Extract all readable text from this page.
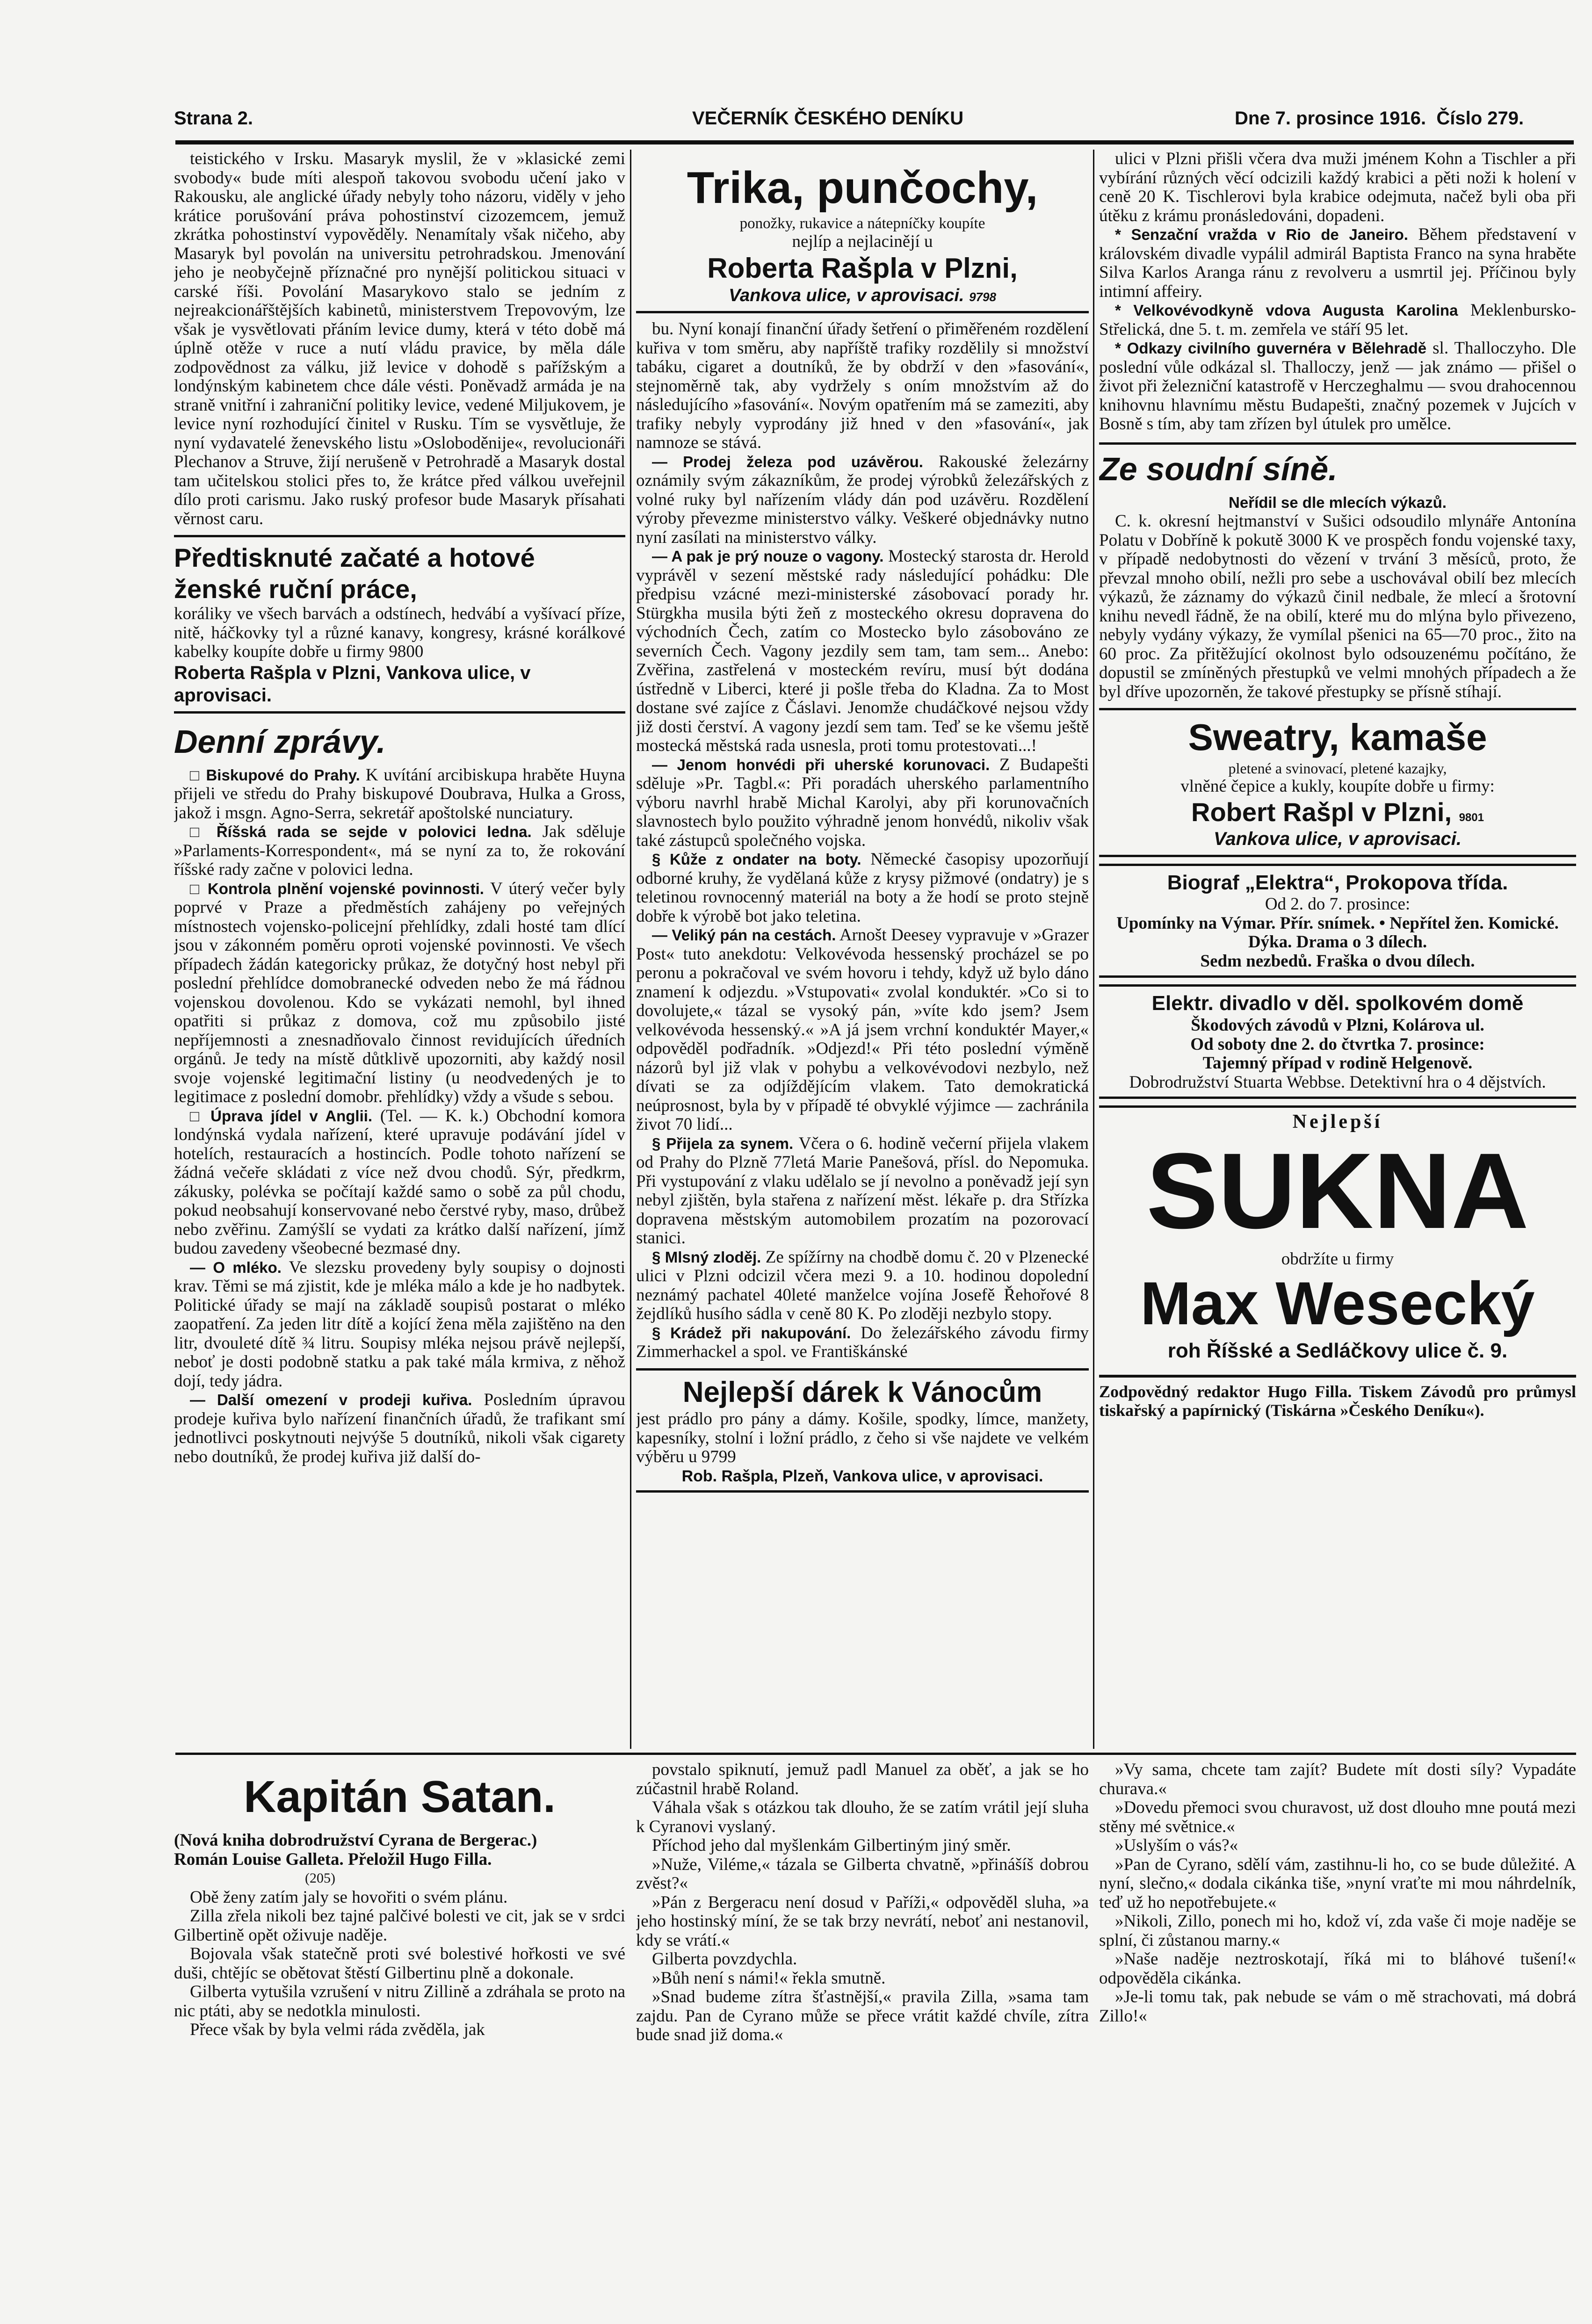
Strana 2.	VEČERNÍK ČESKÉHO DENÍKU	Dne 7. prosince 1916. Číslo 279.

teistického v Irsku. Masaryk myslil, že v »klasické zemi svobody« bude míti alespoň takovou svobodu učení jako v Rakousku, ale anglické úřady nebyly toho názoru, viděly v jeho krátice porušování práva pohostinství cizozemcem, jemuž zkrátka pohostinství vypověděly. Nenamítaly však ničeho, aby Masaryk byl povolán na universitu petrohradskou. Jmenování jeho je neobyčejně příznačné pro nynější politickou situaci v carské říši. Povolání Masarykovo stalo se jedním z nejreakcionářštějších kabinetů, ministerstvem Trepovovým, lze však je vysvětlovati přáním levice dumy, která v této době má úplně otěže v ruce a nutí vládu pravice, by měla dále zodpovědnost za válku, již levice v dohodě s pařížským a londýnským kabinetem chce dále vésti. Poněvadž armáda je na straně vnitřní i zahraniční politiky levice, vedené Miljukovem, je levice nyní rozhodující činitel v Rusku. Tím se vysvětluje, že nyní vydavatelé ženevského listu »Osloboděnije«, revolucionáři Plechanov a Struve, žijí nerušeně v Petrohradě a Masaryk dostal tam učitelskou stolici přes to, že krátce před válkou uveřejnil dílo proti carismu. Jako ruský profesor bude Masaryk přísahati věrnost caru.

Předtisknuté začaté a hotové ženské ruční práce,
koráliky ve všech barvách a odstínech, hedvábí a vyšívací příze, nitě, háčkovky tyl a různé kanavy, kongresy, krásné korálkové kabelky koupíte dobře u firmy 9800
Roberta Rašpla v Plzni, Vankova ulice, v aprovisaci.
Denní zprávy.

□ Biskupové do Prahy. K uvítání arcibiskupa hraběte Huyna přijeli ve středu do Prahy biskupové Doubrava, Hulka a Gross, jakož i msgn. Agno-Serra, sekretář apoštolské nunciatury.

□ Říšská rada se sejde v polovici ledna. Jak sděluje »Parlaments-Korrespondent«, má se nyní za to, že rokování říšské rady začne v polovici ledna.

□ Kontrola plnění vojenské povinnosti. V úterý večer byly poprvé v Praze a předměstích zahájeny po veřejných místnostech vojensko-policejní přehlídky, zdali hosté tam dlící jsou v zákonném poměru oproti vojenské povinnosti. Ve všech případech žádán kategoricky průkaz, že dotyčný host nebyl při poslední přehlídce domobranecké odveden nebo že má řádnou vojenskou dovolenou. Kdo se vykázati nemohl, byl ihned opatřiti si průkaz z domova, což mu způsobilo jisté nepříjemnosti a znesnadňovalo činnost revidujících úředních orgánů. Je tedy na místě důtklivě upozorniti, aby každý nosil svoje vojenské legitimační listiny (u neodvedených je to legitimace z poslední domobr. přehlídky) vždy a všude s sebou.

□ Úprava jídel v Anglii. (Tel. — K. k.) Obchodní komora londýnská vydala nařízení, které upravuje podávání jídel v hotelích, restauracích a hostincích. Podle tohoto nařízení se žádná večeře skládati z více než dvou chodů. Sýr, předkrm, zákusky, polévka se počítají každé samo o sobě za půl chodu, pokud neobsahují konservované nebo čerstvé ryby, maso, drůbež nebo zvěřinu. Zamýšlí se vydati za krátko další nařízení, jímž budou zavedeny všeobecné bezmasé dny.

— O mléko. Ve slezsku provedeny byly soupisy o dojnosti krav. Těmi se má zjistit, kde je mléka málo a kde je ho nadbytek. Politické úřady se mají na základě soupisů postarat o mléko zaopatření. Za jeden litr dítě a kojící žena měla zajištěno na den litr, dvouleté dítě ¾ litru. Soupisy mléka nejsou právě nejlepší, neboť je dosti podobně statku a pak také mála krmiva, z něhož dojí, tedy jádra.

— Další omezení v prodeji kuřiva. Posledním úpravou prodeje kuřiva bylo nařízení finančních úřadů, že trafikant smí jednotlivci poskytnouti nejvýše 5 doutníků, nikoli však cigarety nebo doutníků, že prodej kuřiva již další do-

Trika, punčochy,
ponožky, rukavice a nátepníčky koupíte
nejlíp a nejlacinějí u
Roberta Rašpla v Plzni,
Vankova ulice, v aprovisaci. 9798

bu. Nyní konají finanční úřady šetření o přiměřeném rozdělení kuřiva v tom směru, aby napříště trafiky rozdělily si množství tabáku, cigaret a doutníků, že by obdrží v den »fasování«, stejnoměrně tak, aby vydržely s oním množstvím až do následujícího »fasování«. Novým opatřením má se zameziti, aby trafiky nebyly vyprodány již hned v den »fasování«, jak namnoze se stává.

— Prodej železa pod uzávěrou. Rakouské železárny oznámily svým zákazníkům, že prodej výrobků železářských z volné ruky byl nařízením vlády dán pod uzávěru. Rozdělení výroby převezme ministerstvo války. Veškeré objednávky nutno nyní zasílati na ministerstvo války.

— A pak je prý nouze o vagony. Mostecký starosta dr. Herold vyprávěl v sezení městské rady následující pohádku: Dle předpisu vzácné mezi-ministerské zásobovací porady hr. Stürgkha musila býti žeň z mosteckého okresu dopravena do východních Čech, zatím co Mostecko bylo zásobováno ze severních Čech. Vagony jezdily sem tam, tam sem... Anebo: Zvěřina, zastřelená v mosteckém revíru, musí být dodána ústředně v Liberci, které ji pošle třeba do Kladna. Za to Most dostane své zajíce z Čáslavi. Jenomže chudáčkové nejsou vždy již dosti čerství. A vagony jezdí sem tam. Teď se ke všemu ještě mostecká městská rada usnesla, proti tomu protestovati...!

— Jenom honvédi při uherské korunovaci. Z Budapešti sděluje »Pr. Tagbl.«: Při poradách uherského parlamentního výboru navrhl hrabě Michal Karolyi, aby při korunovačních slavnostech bylo použito výhradně jenom honvédů, nikoliv však také zástupců společného vojska.

§ Kůže z ondater na boty. Německé časopisy upozorňují odborné kruhy, že vydělaná kůže z krysy pižmové (ondatry) je s teletinou rovnocenný materiál na boty a že hodí se proto stejně dobře k výrobě bot jako teletina.

— Veliký pán na cestách. Arnošt Deesey vypravuje v »Grazer Post« tuto anekdotu: Velkovévoda hessenský procházel se po peronu a pokračoval ve svém hovoru i tehdy, když už bylo dáno znamení k odjezdu. »Vstupovati« zvolal konduktér. »Co si to dovolujete,« tázal se vysoký pán, »víte kdo jsem? Jsem velkovévoda hessenský.« »A já jsem vrchní konduktér Mayer,« odpověděl podřadník. »Odjezd!« Při této poslední výměně názorů byl již vlak v pohybu a velkovévodovi nezbylo, než dívati se za odjíždějícím vlakem. Tato demokratická neúprosnost, byla by v případě té obvyklé výjimce — zachránila život 70 lidí...

§ Přijela za synem. Včera o 6. hodině večerní přijela vlakem od Prahy do Plzně 77letá Marie Panešová, přísl. do Nepomuka. Při vystupování z vlaku udělalo se jí nevolno a poněvadž její syn nebyl zjištěn, byla stařena z nařízení měst. lékaře p. dra Střízka dopravena městským automobilem prozatím na pozorovací stanici.

§ Mlsný zloděj. Ze spížírny na chodbě domu č. 20 v Plzenecké ulici v Plzni odcizil včera mezi 9. a 10. hodinou dopolední neznámý pachatel 40leté manželce vojína Josefě Řehořové 8 žejdlíků husího sádla v ceně 80 K. Po zloději nezbylo stopy.

§ Krádež při nakupování. Do železářského závodu firmy Zimmerhackel a spol. ve Františkánské

Nejlepší dárek k Vánocům
jest prádlo pro pány a dámy. Košile, spodky, límce, manžety, kapesníky, stolní i ložní prádlo, z čeho si vše najdete ve velkém výběru u 9799
Rob. Rašpla, Plzeň, Vankova ulice, v aprovisaci.

ulici v Plzni přišli včera dva muži jménem Kohn a Tischler a při vybírání různých věcí odcizili každý krabici a pěti noži k holení v ceně 20 K. Tischlerovi byla krabice odejmuta, načež byli oba při útěku z krámu pronásledováni, dopadeni.

* Senzační vražda v Rio de Janeiro. Během představení v královském divadle vypálil admirál Baptista Franco na syna hraběte Silva Karlos Aranga ránu z revolveru a usmrtil jej. Příčinou byly intimní affeiry.

* Velkovévodkyně vdova Augusta Karolina Meklenbursko-Střelická, dne 5. t. m. zemřela ve stáří 95 let.

* Odkazy civilního guvernéra v Bělehradě sl. Thalloczyho. Dle poslední vůle odkázal sl. Thalloczy, jenž — jak známo — přišel o život při železniční katastrofě v Herczeghalmu — svou drahocennou knihovnu hlavnímu městu Budapešti, značný pozemek v Jujcích v Bosně s tím, aby tam zřízen byl útulek pro umělce.

Ze soudní síně.
Neřídil se dle mlecích výkazů.

C. k. okresní hejtmanství v Sušici odsoudilo mlynáře Antonína Polatu v Dobříně k pokutě 3000 K ve prospěch fondu vojenské taxy, v případě nedobytnosti do vězení v trvání 3 měsíců, proto, že převzal mnoho obilí, nežli pro sebe a uschovával obilí bez mlecích výkazů, že záznamy do výkazů činil nedbale, že mlecí a šrotovní knihu nevedl řádně, že na obilí, které mu do mlýna bylo přivezeno, nebyly vydány výkazy, že vymílal pšenici na 65—70 proc., žito na 60 proc. Za přitěžující okolnost bylo odsouzenému počítáno, že dopustil se zmíněných přestupků ve velmi mnohých případech a že byl dříve upozorněn, že takové přestupky se přísně stíhají.

Sweatry, kamaše
pletené a svinovací, pletené kazajky,
vlněné čepice a kukly, koupíte dobře u firmy:
Robert Rašpl v Plzni, 9801
Vankova ulice, v aprovisaci.
Biograf „Elektra“, Prokopova třída.
Od 2. do 7. prosince:
Upomínky na Výmar. Přír. snímek. • Nepřítel žen. Komické.
Dýka. Drama o 3 dílech.
Sedm nezbedů. Fraška o dvou dílech.
Elektr. divadlo v děl. spolkovém domě
Škodových závodů v Plzni, Kolárova ul.
Od soboty dne 2. do čtvrtka 7. prosince:
Tajemný případ v rodině Helgenově.
Dobrodružství Stuarta Webbse. Detektivní hra o 4 dějstvích.
Nejlepší
SUKNA
obdržíte u firmy
Max Wesecký
roh Říšské a Sedláčkovy ulice č. 9.
Zodpovědný redaktor Hugo Filla. Tiskem Závodů pro průmysl tiskařský a papírnický (Tiskárna »Českého Deníku«).
Kapitán Satan.
(Nová kniha dobrodružství Cyrana de Bergerac.)
Román Louise Galleta. Přeložil Hugo Filla.
(205)

Obě ženy zatím jaly se hovořiti o svém plánu.

Zilla zřela nikoli bez tajné palčivé bolesti ve cit, jak se v srdci Gilbertině opět oživuje naděje.

Bojovala však statečně proti své bolestivé hořkosti ve své duši, chtějíc se obětovat štěstí Gilbertinu plně a dokonale.

Gilberta vytušila vzrušení v nitru Zillině a zdráhala se proto na nic ptáti, aby se nedotkla minulosti.

Přece však by byla velmi ráda zvěděla, jak

povstalo spiknutí, jemuž padl Manuel za oběť, a jak se ho zúčastnil hrabě Roland.

Váhala však s otázkou tak dlouho, že se zatím vrátil její sluha k Cyranovi vyslaný.

Příchod jeho dal myšlenkám Gilbertiným jiný směr.

»Nuže, Viléme,« tázala se Gilberta chvatně, »přinášíš dobrou zvěst?«

»Pán z Bergeracu není dosud v Paříži,« odpověděl sluha, »a jeho hostinský míní, že se tak brzy nevrátí, neboť ani nestanovil, kdy se vrátí.«

Gilberta povzdychla.

»Bůh není s námi!« řekla smutně.

»Snad budeme zítra šťastnější,« pravila Zilla, »sama tam zajdu. Pan de Cyrano může se přece vrátit každé chvíle, zítra bude snad již doma.«

»Vy sama, chcete tam zajít? Budete mít dosti síly? Vypadáte churava.«

»Dovedu přemoci svou churavost, už dost dlouho mne poutá mezi stěny mé světnice.«

»Uslyším o vás?«

»Pan de Cyrano, sdělí vám, zastihnu-li ho, co se bude důležité. A nyní, slečno,« dodala cikánka tiše, »nyní vraťte mi mou náhrdelník, teď už ho nepotřebujete.«

»Nikoli, Zillo, ponech mi ho, kdož ví, zda vaše či moje naděje se splní, či zůstanou marny.«

»Naše naděje neztroskotají, říká mi to bláhové tušení!« odpověděla cikánka.

»Je-li tomu tak, pak nebude se vám o mě strachovati, má dobrá Zillo!«
